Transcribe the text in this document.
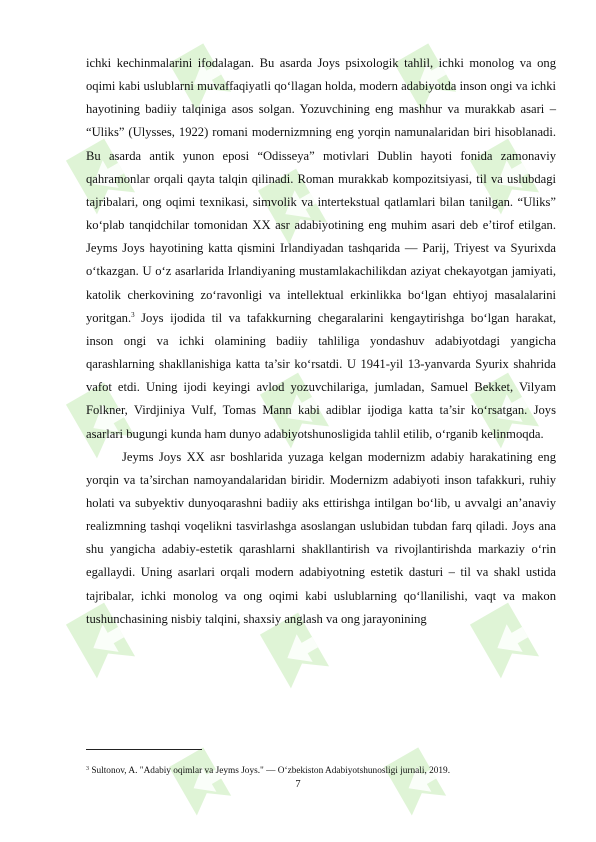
ichki kechinmalarini ifodalagan. Bu asarda Joys psixologik tahlil, ichki monolog va ong oqimi kabi uslublarni muvaffaqiyatli qo‘llagan holda, modern adabiyotda inson ongi va ichki hayotining badiiy talqiniga asos solgan. Yozuvchining eng mashhur va murakkab asari – “Uliks” (Ulysses, 1922) romani modernizmning eng yorqin namunalaridan biri hisoblanadi. Bu asarda antik yunon eposi “Odisseya” motivlari Dublin hayoti fonida zamonaviy qahramonlar orqali qayta talqin qilinadi. Roman murakkab kompozitsiyasi, til va uslubdagi tajribalari, ong oqimi texnikasi, simvolik va intertekstual qatlamlari bilan tanilgan. “Uliks” ko‘plab tanqidchilar tomonidan XX asr adabiyotining eng muhim asari deb e’tirof etilgan. Jeyms Joys hayotining katta qismini Irlandiyadan tashqarida — Parij, Triyest va Syurixda o‘tkazgan. U o‘z asarlarida Irlandiyaning mustamlakachilikdan aziyat chekayotgan jamiyati, katolik cherkovining zo‘ravonligi va intellektual erkinlikka bo‘lgan ehtiyoj masalalarini yoritgan.$^3$ Joys ijodida til va tafakkurning chegaralarini kengaytirishga bo‘lgan harakat, inson ongi va ichki olamining badiiy tahliliga yondashuv adabiyotdagi yangicha qarashlarning shakllanishiga katta ta’sir ko‘rsatdi. U 1941-yil 13-yanvarda Syurix shahrida vafot etdi. Uning ijodi keyingi avlod yozuvchilariga, jumladan, Samuel Bekket, Vilyam Folkner, Virdjiniya Vulf, Tomas Mann kabi adiblar ijodiga katta ta’sir ko‘rsatgan. Joys asarlari bugungi kunda ham dunyo adabiyotshunosligida tahlil etilib, o‘rganib kelinmoqda.

Jeyms Joys XX asr boshlarida yuzaga kelgan modernizm adabiy harakatining eng yorqin va ta’sirchan namoyandalaridan biridir. Modernizm adabiyoti inson tafakkuri, ruhiy holati va subyektiv dunyoqarashni badiiy aks ettirishga intilgan bo‘lib, u avvalgi an’anaviy realizmning tashqi voqelikni tasvirlashga asoslangan uslubidan tubdan farq qiladi. Joys ana shu yangicha adabiy-estetik qarashlarni shakllantirish va rivojlantirishda markaziy o‘rin egallaydi. Uning asarlari orqali modern adabiyotning estetik dasturi – til va shakl ustida tajribalar, ichki monolog va ong oqimi kabi uslublarning qo‘llanilishi, vaqt va makon tushunchasining nisbiy talqini, shaxsiy anglash va ong jarayonining

$^3$ Sultonov, A. "Adabiy oqimlar va Jeyms Joys." — O‘zbekiston Adabiyotshunosligi jurnali, 2019.
7
